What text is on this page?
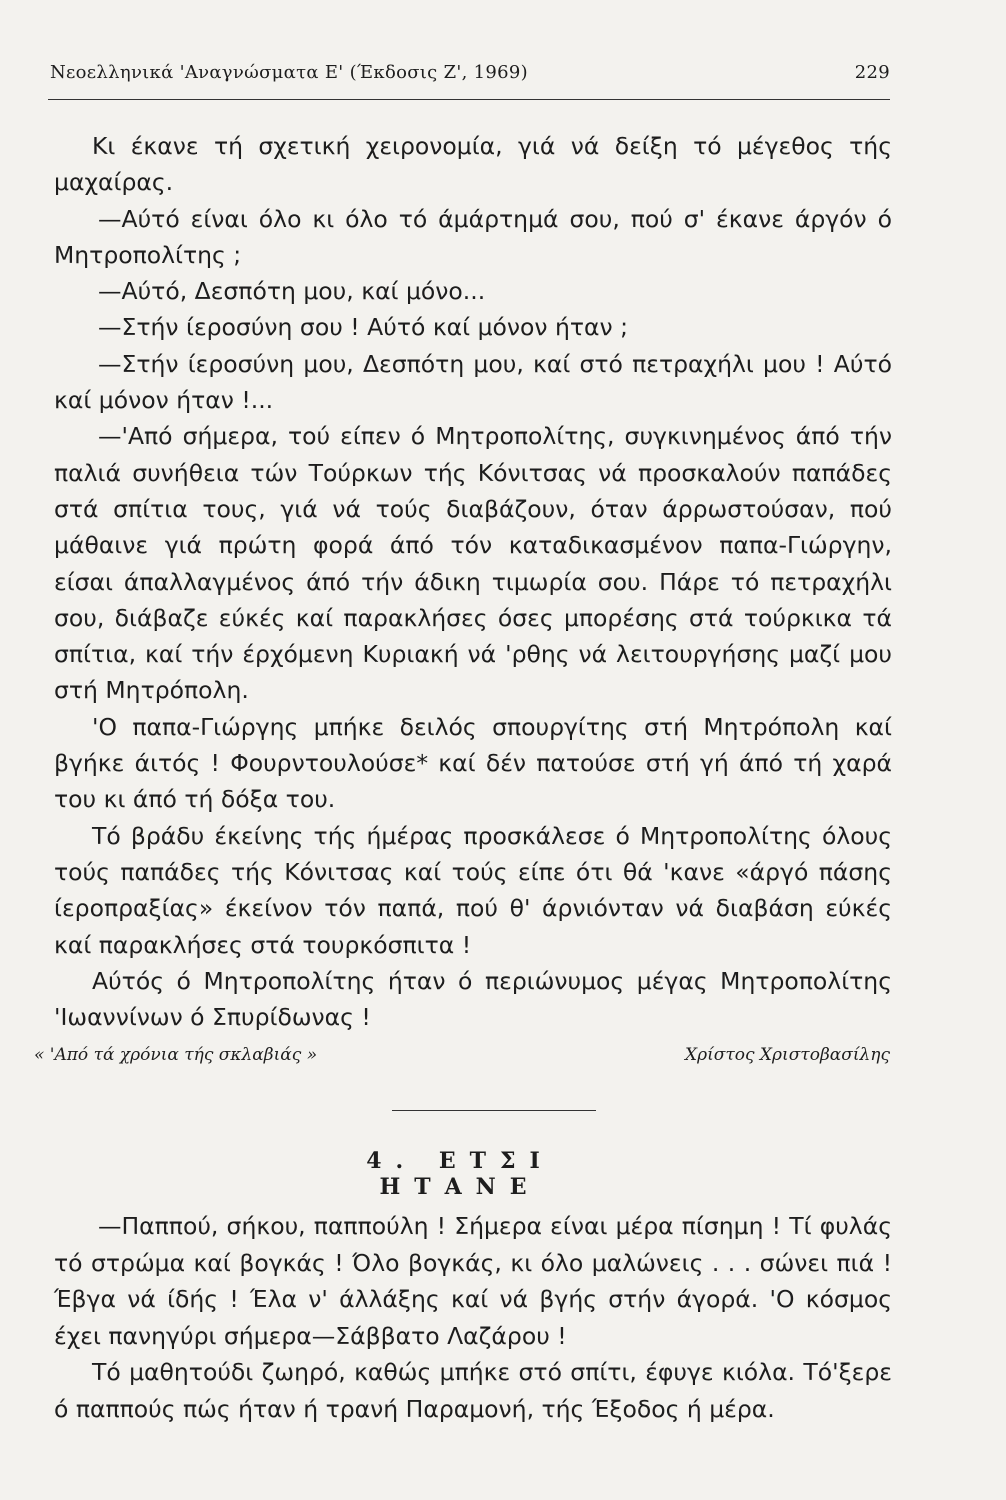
Νεοελληνικά 'Αναγνώσματα Ε' (Έκδοσις Ζ', 1969)	229

Κι έκανε τή σχετική χειρονομία, γιά νά δείξη τό μέγεθος τής μαχαίρας.

—Αύτό είναι όλο κι όλο τό άμάρτημά σου, πού σ' έκανε άργόν ό Μητροπολίτης ;

—Αύτό, Δεσπότη μου, καί μόνο...

—Στήν ίεροσύνη σου ! Αύτό καί μόνον ήταν ;

—Στήν ίεροσύνη μου, Δεσπότη μου, καί στό πετραχήλι μου ! Αύτό καί μόνον ήταν !...

—'Από σήμερα, τού είπεν ό Μητροπολίτης, συγκινημένος άπό τήν παλιά συνήθεια τών Τούρκων τής Κόνιτσας νά προσκαλούν παπάδες στά σπίτια τους, γιά νά τούς διαβάζουν, όταν άρρωστούσαν, πού μάθαινε γιά πρώτη φορά άπό τόν καταδικασμένον παπα-Γιώργην, είσαι άπαλλαγμένος άπό τήν άδικη τιμωρία σου. Πάρε τό πετραχήλι σου, διάβαζε εύκές καί παρακλήσες όσες μπορέσης στά τούρκικα τά σπίτια, καί τήν έρχόμενη Κυριακή νά 'ρθης νά λειτουργήσης μαζί μου στή Μητρόπολη.

'Ο παπα-Γιώργης μπήκε δειλός σπουργίτης στή Μητρόπολη καί βγήκε άιτός ! Φουρντουλούσε* καί δέν πατούσε στή γή άπό τή χαρά του κι άπό τή δόξα του.

Τό βράδυ έκείνης τής ήμέρας προσκάλεσε ό Μητροπολίτης όλους τούς παπάδες τής Κόνιτσας καί τούς είπε ότι θά 'κανε «άργό πάσης ίεροπραξίας» έκείνον τόν παπά, πού θ' άρνιόνταν νά διαβάση εύκές καί παρακλήσες στά τουρκόσπιτα !

Αύτός ό Μητροπολίτης ήταν ό περιώνυμος μέγας Μητροπολίτης 'Ιωαννίνων ό Σπυρίδωνας !

« 'Από τά χρόνια τής σκλαβιάς »	Χρίστος Χριστοβασίλης
4. ΕΤΣΙ ΗΤΑΝΕ

—Παππού, σήκου, παππούλη ! Σήμερα είναι μέρα πίσημη ! Τί φυλάς τό στρώμα καί βογκάς ! Όλο βογκάς, κι όλο μαλώνεις . . . σώνει πιά ! Έβγα νά ίδής ! Έλα ν' άλλάξης καί νά βγής στήν άγορά. 'Ο κόσμος έχει πανηγύρι σήμερα—Σάββατο Λαζάρου !

Τό μαθητούδι ζωηρό, καθώς μπήκε στό σπίτι, έφυγε κιόλα. Τό'ξερε ό παππούς πώς ήταν ή τρανή Παραμονή, τής Έξοδος ή μέρα.
